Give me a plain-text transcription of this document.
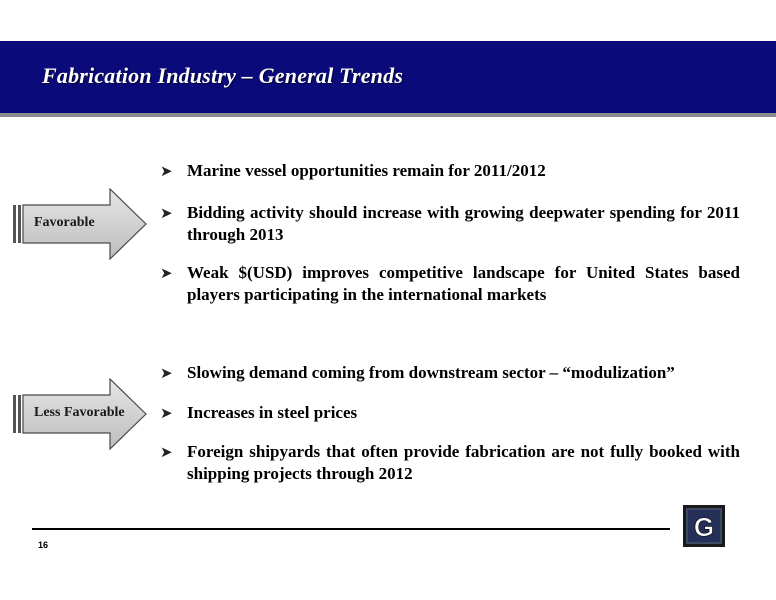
Fabrication Industry – General Trends
Favorable
Less Favorable
➤ Marine vessel opportunities remain for 2011/2012
➤ Bidding activity should increase with growing deepwater spending for 2011 through 2013
➤ Weak $(USD) improves competitive landscape for United States based players participating in the international markets
➤ Slowing demand coming from downstream sector – “modulization”
➤ Increases in steel prices
➤ Foreign shipyards that often provide fabrication are not fully booked with shipping projects through 2012
16
G
